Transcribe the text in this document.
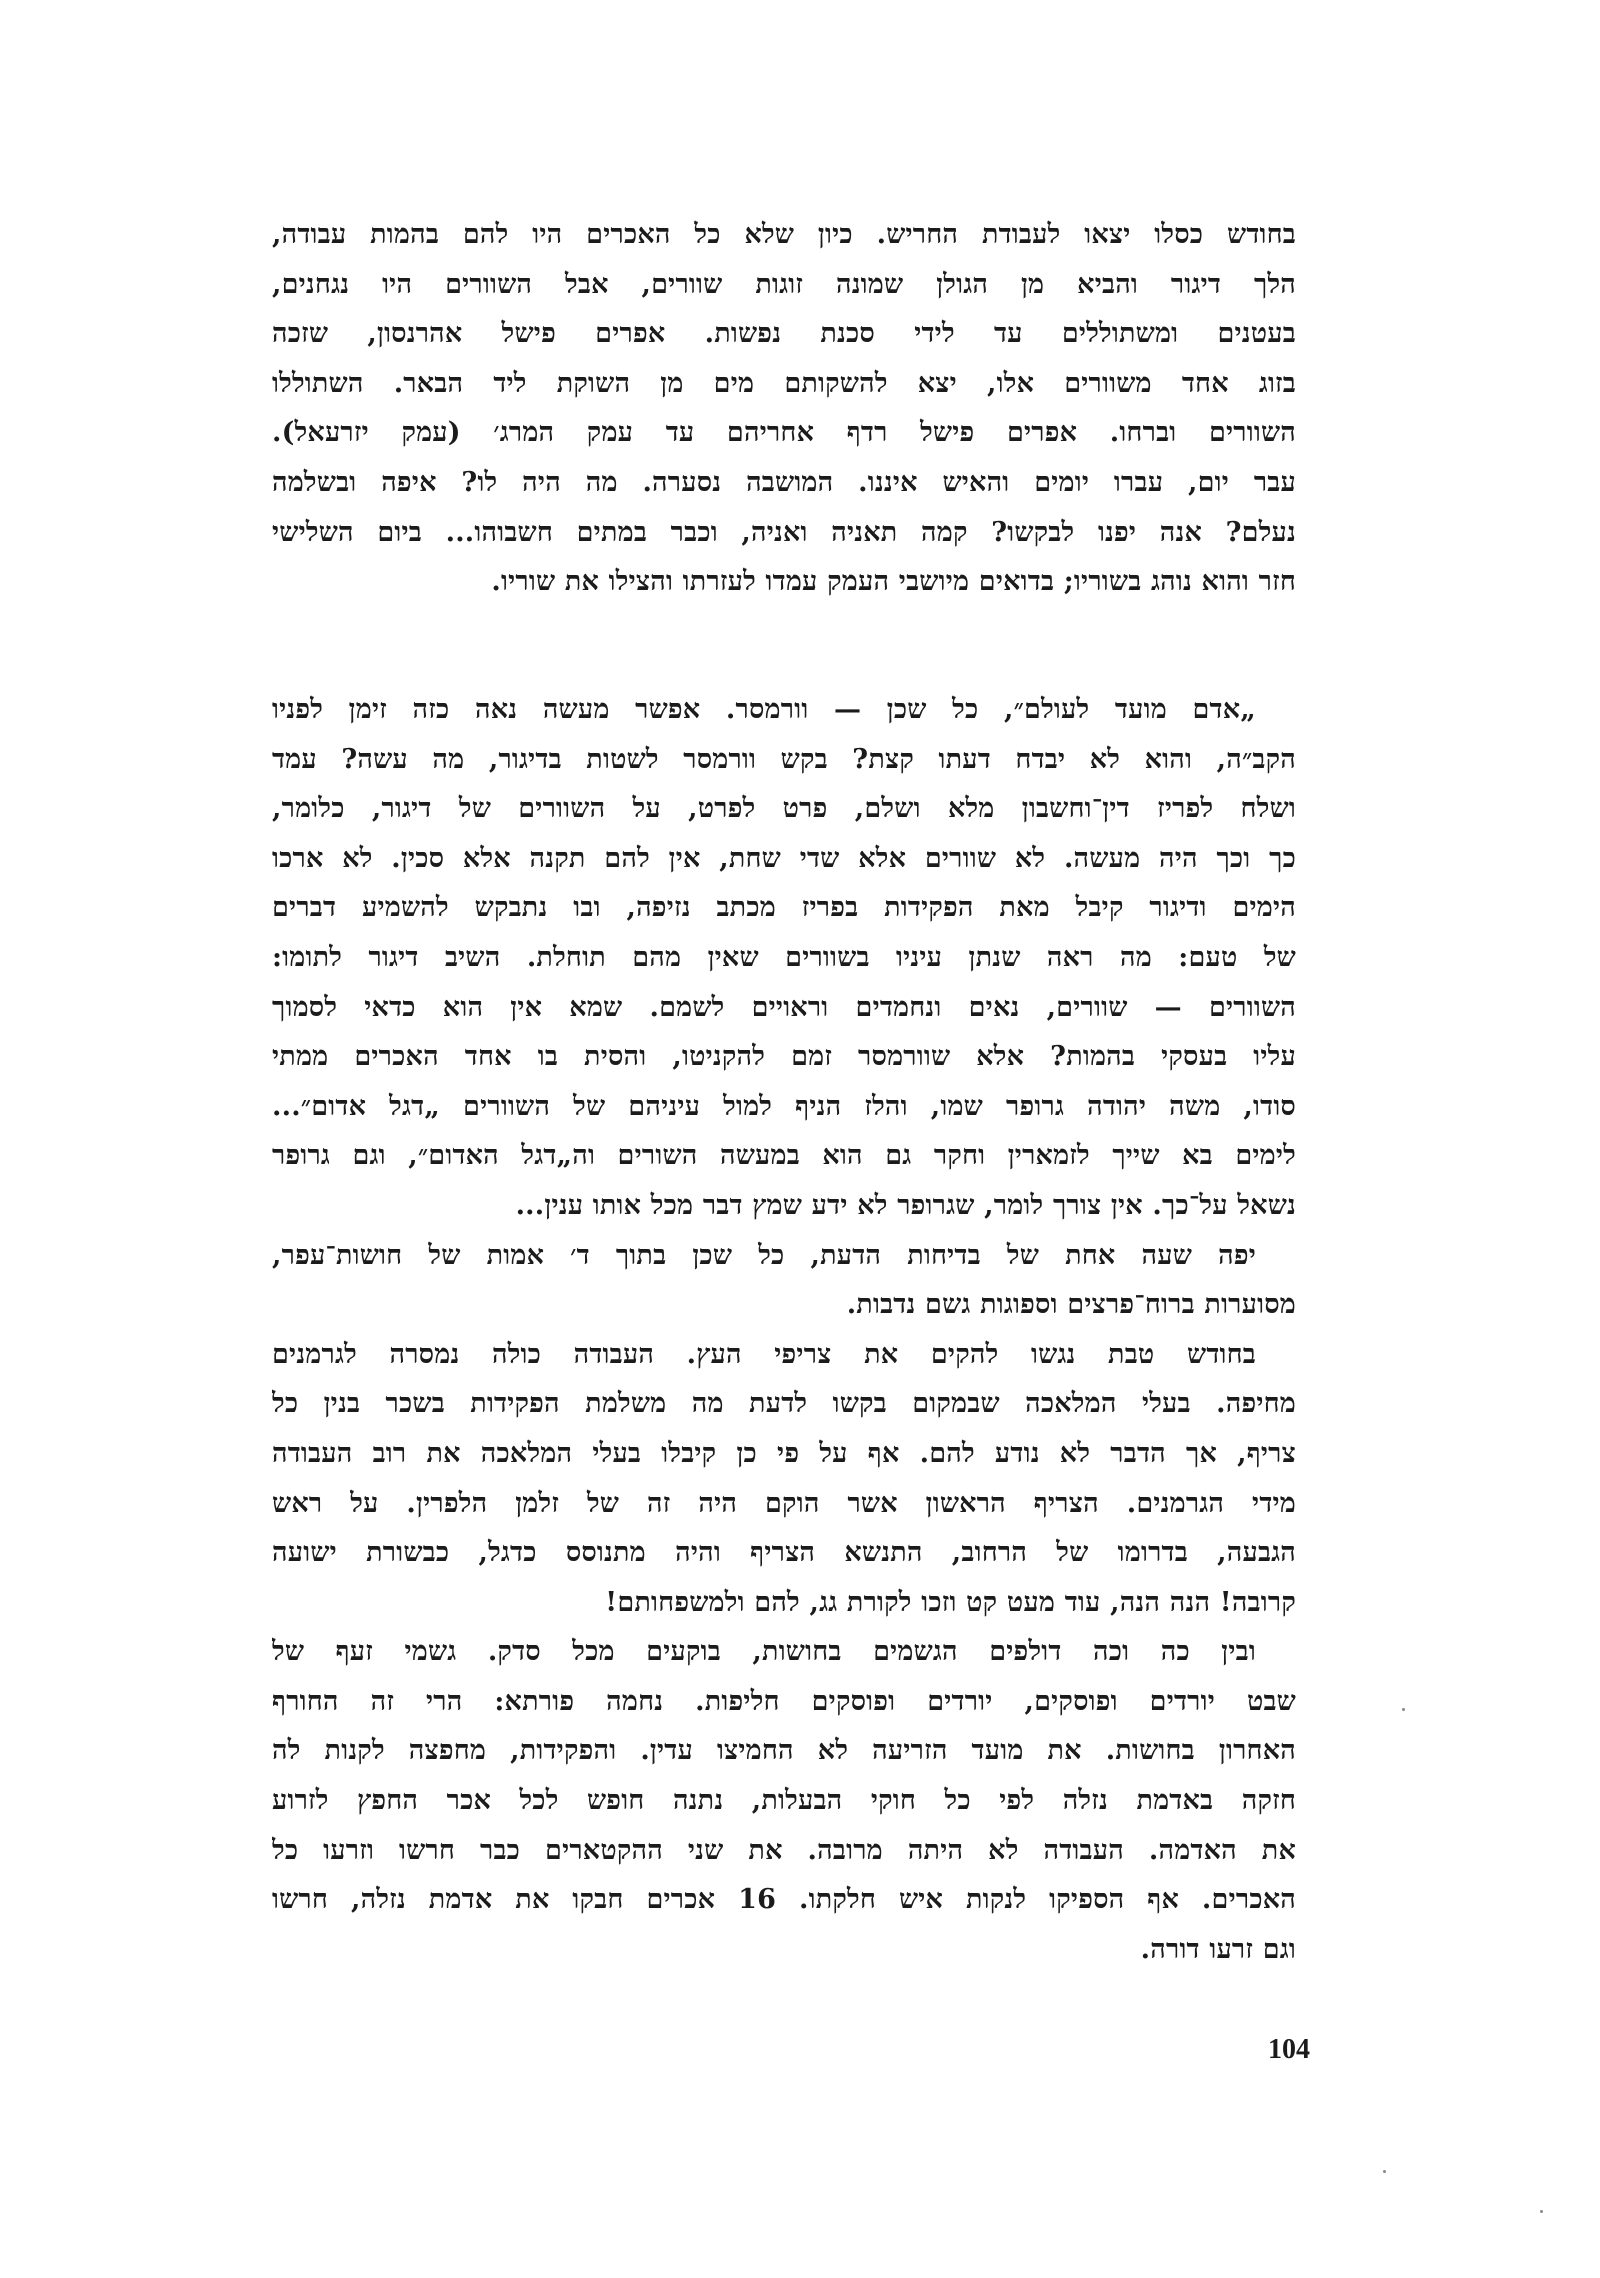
בחודש כסלו יצאו לעבודת החריש. כיון שלא כל האכרים היו להם בהמות עבודה,
הלך דיגור והביא מן הגולן שמונה זוגות שוורים, אבל השוורים היו נגחנים,
בעטנים ומשתוללים עד לידי סכנת נפשות. אפרים פישל אהרנסון, שזכה
בזוג אחד משוורים אלו, יצא להשקותם מים מן השוקת ליד הבאר. השתוללו
השוורים וברחו. אפרים פישל רדף אחריהם עד עמק המרג׳ (עמק יזרעאל).
עבר יום, עברו יומים והאיש איננו. המושבה נסערה. מה היה לו? איפה ובשלמה
נעלם? אנה יפנו לבקשו? קמה תאניה ואניה, וכבר במתים חשבוהו... ביום השלישי
חזר והוא נוהג בשוריו; בדואים מיושבי העמק עמדו לעזרתו והצילו את שוריו.
„אדם מועד לעולם״, כל שכן — וורמסר. אפשר מעשה נאה כזה זימן לפניו
הקב״ה, והוא לא יבדח דעתו קצת? בקש וורמסר לשטות בדיגור, מה עשה? עמד
ושלח לפריז דין־וחשבון מלא ושלם, פרט לפרט, על השוורים של דיגור, כלומר,
כך וכך היה מעשה. לא שוורים אלא שדי שחת, אין להם תקנה אלא סכין. לא ארכו
הימים ודיגור קיבל מאת הפקידות בפריז מכתב נזיפה, ובו נתבקש להשמיע דברים
של טעם: מה ראה שנתן עיניו בשוורים שאין מהם תוחלת. השיב דיגור לתומו:
השוורים — שוורים, נאים ונחמדים וראויים לשמם. שמא אין הוא כדאי לסמוך
עליו בעסקי בהמות? אלא שוורמסר זמם להקניטו, והסית בו אחד האכרים ממתי
סודו, משה יהודה גרופר שמו, והלז הניף למול עיניהם של השוורים „דגל אדום״...
לימים בא שייך לזמארין וחקר גם הוא במעשה השורים וה„דגל האדום״, וגם גרופר
נשאל על־כך. אין צורך לומר, שגרופר לא ידע שמץ דבר מכל אותו ענין...
יפה שעה אחת של בדיחות הדעת, כל שכן בתוך ד׳ אמות של חושות־עפר,
מסוערות ברוח־פרצים וספוגות גשם נדבות.
בחודש טבת נגשו להקים את צריפי העץ. העבודה כולה נמסרה לגרמנים
מחיפה. בעלי המלאכה שבמקום בקשו לדעת מה משלמת הפקידות בשכר בנין כל
צריף, אך הדבר לא נודע להם. אף על פי כן קיבלו בעלי המלאכה את רוב העבודה
מידי הגרמנים. הצריף הראשון אשר הוקם היה זה של זלמן הלפרין. על ראש
הגבעה, בדרומו של הרחוב, התנשא הצריף והיה מתנוסס כדגל, כבשורת ישועה
קרובה! הנה הנה, עוד מעט קט וזכו לקורת גג, להם ולמשפחותם!
ובין כה וכה דולפים הגשמים בחושות, בוקעים מכל סדק. גשמי זעף של
שבט יורדים ופוסקים, יורדים ופוסקים חליפות. נחמה פורתא: הרי זה החורף
האחרון בחושות. את מועד הזריעה לא החמיצו עדין. והפקידות, מחפצה לקנות לה
חזקה באדמת נזלה לפי כל חוקי הבעלות, נתנה חופש לכל אכר החפץ לזרוע
את האדמה. העבודה לא היתה מרובה. את שני ההקטארים כבר חרשו וזרעו כל
האכרים. אף הספיקו לנקות איש חלקתו. 16 אכרים חבקו את אדמת נזלה, חרשו
וגם זרעו דורה.
104
